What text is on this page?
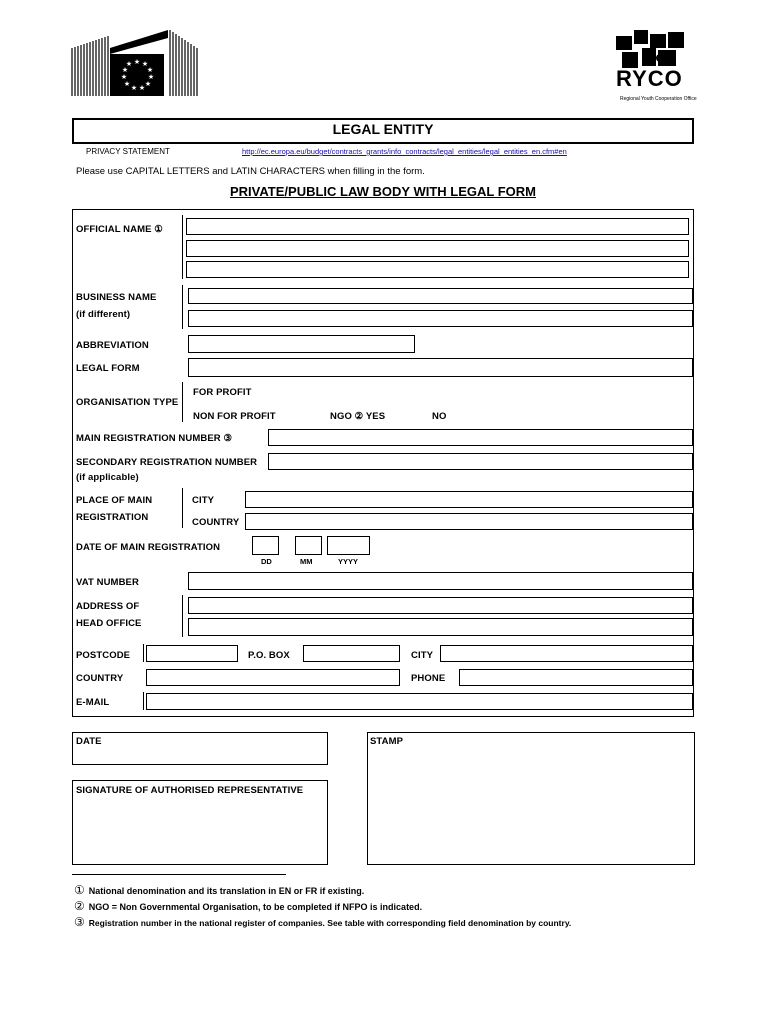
★ ★
★
★
★
★
★
★
★
★
★
RYCO
Regional Youth Cooperation Office
LEGAL ENTITY
PRIVACY STATEMENT	http://ec.europa.eu/budget/contracts_grants/info_contracts/legal_entities/legal_entities_en.cfm#en
Please use CAPITAL LETTERS and LATIN CHARACTERS when filling in the form.
PRIVATE/PUBLIC LAW BODY WITH LEGAL FORM
OFFICIAL NAME ①
BUSINESS NAME
(if different)
ABBREVIATION
LEGAL FORM
ORGANISATION TYPE
FOR PROFIT
NON FOR PROFIT	NGO ② YES	NO
MAIN REGISTRATION NUMBER ③
SECONDARY REGISTRATION NUMBER
(if applicable)
PLACE OF MAIN
REGISTRATION
CITY
COUNTRY
DATE OF MAIN REGISTRATION
DD	MM	YYYY
VAT NUMBER
ADDRESS OF
HEAD OFFICE
POSTCODE	P.O. BOX	CITY
COUNTRY	PHONE
E-MAIL
DATE	STAMP
SIGNATURE OF AUTHORISED REPRESENTATIVE
① National denomination and its translation in EN or FR if existing.
② NGO = Non Governmental Organisation, to be completed if NFPO is indicated.
③ Registration number in the national register of companies. See table with corresponding field denomination by country.
